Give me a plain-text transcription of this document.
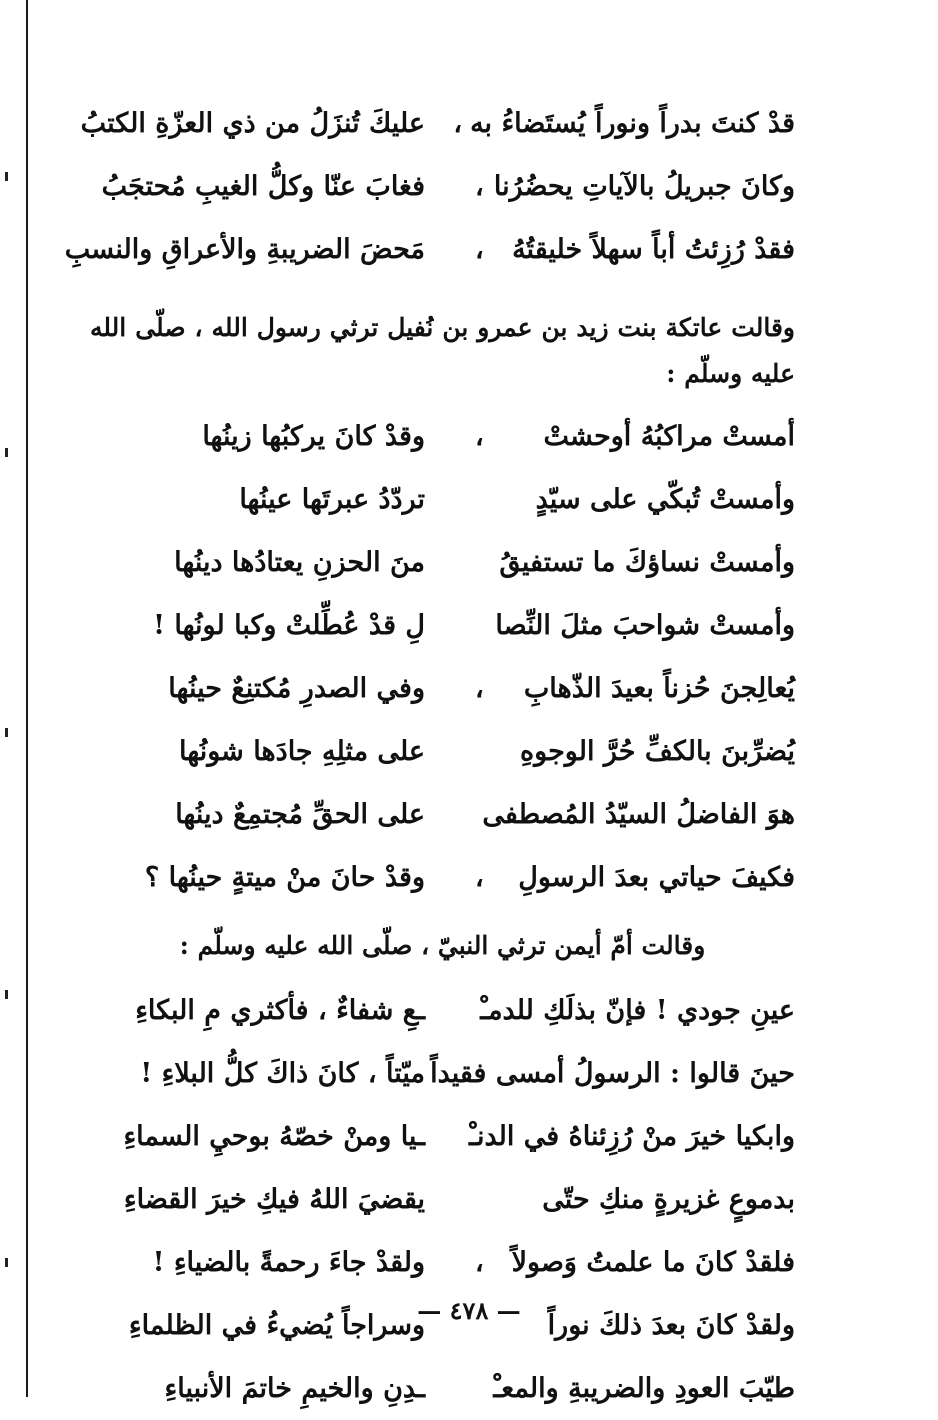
قدْ كنتَ بدراً ونوراً يُستَضاءُ به
،
عليكَ تُنزَلُ من ذي العزّةِ الكتبُ
وكانَ جبريلُ بالآياتِ يحضُرُنا
،
فغابَ عنّا وكلُّ الغيبِ مُحتجَبُ
فقدْ رُزِئتُ أباً سهلاً خليقتُهُ
،
مَحضَ الضريبةِ والأعراقِ والنسبِ

وقالت عاتكة بنت زيد بن عمرو بن نُفيل ترثي رسول الله ، صلّى الله عليه وسلّم :

أمستْ مراكبُهُ أوحشتْ
،
وقدْ كانَ يركبُها زينُها
وأمستْ تُبكّي على سيّدٍ
تردّدُ عبرتَها عينُها
وأمستْ نساؤكَ ما تستفيقُ
منَ الحزنِ يعتادُها دينُها
وأمستْ شواحبَ مثلَ النِّصا
لِ قدْ عُطِّلتْ وكبا لونُها !
يُعالِجنَ حُزناً بعيدَ الذّهابِ
،
وفي الصدرِ مُكتنِعٌ حينُها
يُضرِّبنَ بالكفِّ حُرَّ الوجوهِ
على مثلِهِ جادَها شونُها
هوَ الفاضلُ السيّدُ المُصطفى
على الحقِّ مُجتمِعٌ دينُها
فكيفَ حياتي بعدَ الرسولِ
،
وقدْ حانَ منْ ميتةٍ حينُها ؟

وقالت أمّ أيمن ترثي النبيّ ، صلّى الله عليه وسلّم :

عينِ جودي ! فإنّ بذلَكِ للدمـْ
ـعِ شفاءٌ ، فأكثري مِ البكاءِ
حينَ قالوا : الرسولُ أمسى فقيداً
ميّتاً ، كانَ ذاكَ كلُّ البلاءِ !
وابكيا خيرَ منْ رُزِئناهُ في الدنـْ
ـيا ومنْ خصّهُ بوحيِ السماءِ
بدموعٍ غزيرةٍ منكِ حتّى
يقضيَ اللهُ فيكِ خيرَ القضاءِ
فلقدْ كانَ ما علمتُ وَصولاً
،
ولقدْ جاءَ رحمةً بالضياءِ !
ولقدْ كانَ بعدَ ذلكَ نوراً
وسراجاً يُضيءُ في الظلماءِ
طيّبَ العودِ والضريبةِ والمعـْ
ـدِنِ والخيمِ خاتمَ الأنبياءِ
— ٤٧٨ —
